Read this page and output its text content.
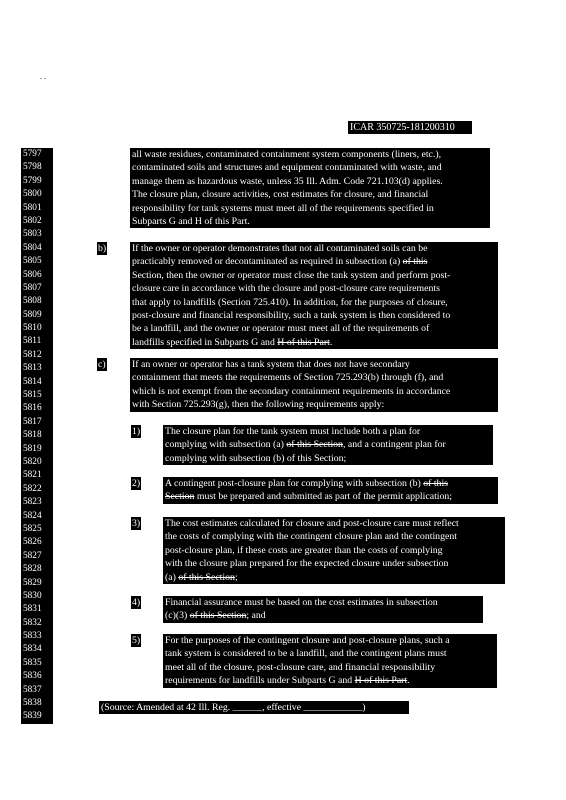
. .
ICAR 350725-181200310
5797
5798
5799
5800
5801
5802
5803
5804
5805
5806
5807
5808
5809
5810
5811
5812
5813
5814
5815
5816
5817
5818
5819
5820
5821
5822
5823
5824
5825
5826
5827
5828
5829
5830
5831
5832
5833
5834
5835
5836
5837
5838
5839
all waste residues, contaminated containment system components (liners, etc.),
contaminated soils and structures and equipment contaminated with waste, and
manage them as hazardous waste, unless 35 Ill. Adm. Code 721.103(d) applies.
The closure plan, closure activities, cost estimates for closure, and financial
responsibility for tank systems must meet all of the requirements specified in
Subparts G and H of this Part.
b)	If the owner or operator demonstrates that not all contaminated soils can be
practicably removed or decontaminated as required in subsection (a) of this
Section, then the owner or operator must close the tank system and perform post-
closure care in accordance with the closure and post-closure care requirements
that apply to landfills (Section 725.410). In addition, for the purposes of closure,
post-closure and financial responsibility, such a tank system is then considered to
be a landfill, and the owner or operator must meet all of the requirements of
landfills specified in Subparts G and H of this Part.
c)	If an owner or operator has a tank system that does not have secondary
containment that meets the requirements of Section 725.293(b) through (f), and
which is not exempt from the secondary containment requirements in accordance
with Section 725.293(g), then the following requirements apply:
1)	The closure plan for the tank system must include both a plan for
complying with subsection (a) of this Section, and a contingent plan for
complying with subsection (b) of this Section;
2)	A contingent post-closure plan for complying with subsection (b) of this
Section must be prepared and submitted as part of the permit application;
3)	The cost estimates calculated for closure and post-closure care must reflect
the costs of complying with the contingent closure plan and the contingent
post-closure plan, if these costs are greater than the costs of complying
with the closure plan prepared for the expected closure under subsection
(a) of this Section;
4)	Financial assurance must be based on the cost estimates in subsection
(c)(3) of this Section; and
5)	For the purposes of the contingent closure and post-closure plans, such a
tank system is considered to be a landfill, and the contingent plans must
meet all of the closure, post-closure care, and financial responsibility
requirements for landfills under Subparts G and H of this Part.
(Source: Amended at 42 Ill. Reg. ______, effective ____________)
